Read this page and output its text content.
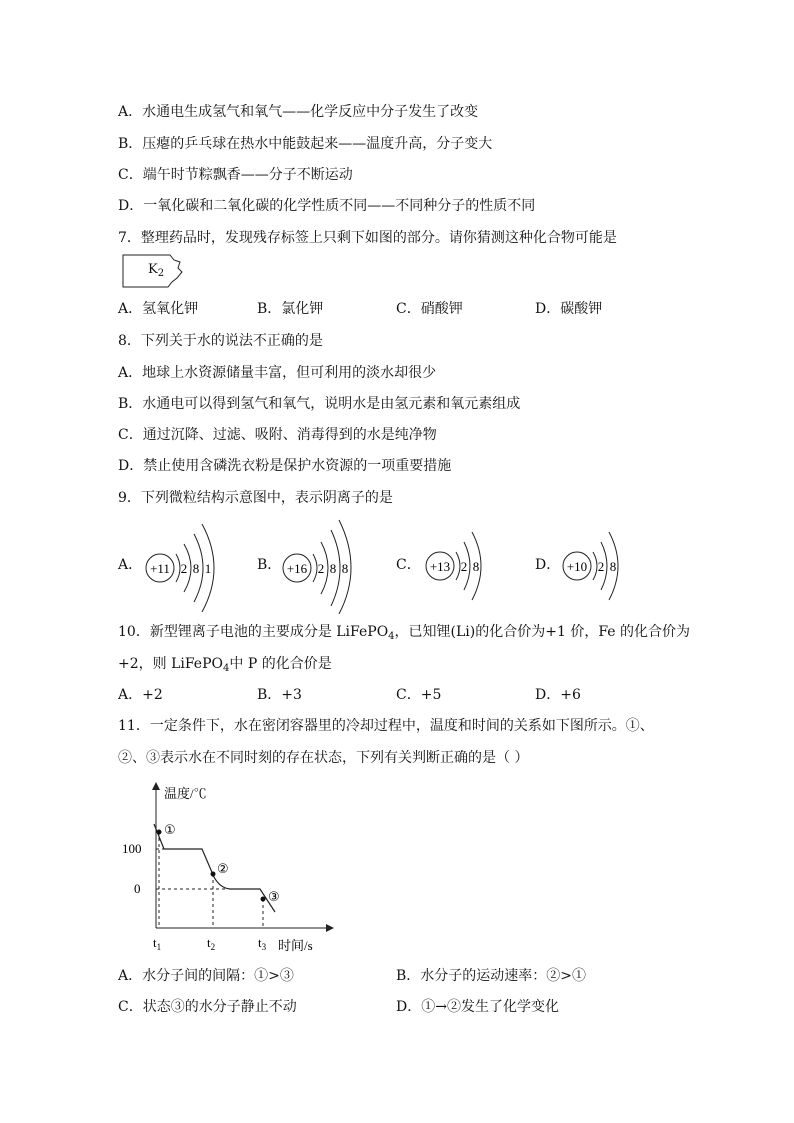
A．水通电生成氢气和氧气——化学反应中分子发生了改变
B．压瘪的乒乓球在热水中能鼓起来——温度升高，分子变大
C．端午时节粽飘香——分子不断运动
D．一氧化碳和二氧化碳的化学性质不同——不同种分子的性质不同
7．整理药品时，发现残存标签上只剩下如图的部分。请你猜测这种化合物可能是
$K_2$
A．氢氧化钾	B．氯化钾	C．硝酸钾	D．碳酸钾
8．下列关于水的说法不正确的是
A．地球上水资源储量丰富，但可利用的淡水却很少
B．水通电可以得到氢气和氧气，说明水是由氢元素和氧元素组成
C．通过沉降、过滤、吸附、消毒得到的水是纯净物
D．禁止使用含磷洗衣粉是保护水资源的一项重要措施
9．下列微粒结构示意图中，表示阴离子的是
A． +11 2 8 1	B． +16 2 8 8	C． +13 2 8	D． +10 2 8
10．新型锂离子电池的主要成分是 LiFePO$_4$，已知锂(Li)的化合价为+1 价，Fe 的化合价为
+2，则 LiFePO$_4$中 P 的化合价是
A．+2	B．+3	C．+5	D．+6
11．一定条件下，水在密闭容器里的冷却过程中，温度和时间的关系如下图所示。①、
②、③表示水在不同时刻的存在状态，下列有关判断正确的是（ ）
温度/℃
时间/s
100
0
①
②
③
$t_1$	$t_2$	$t_3$
A．水分子间的间隔：①>③	B．水分子的运动速率：②>①
C．状态③的水分子静止不动	D．①→②发生了化学变化
